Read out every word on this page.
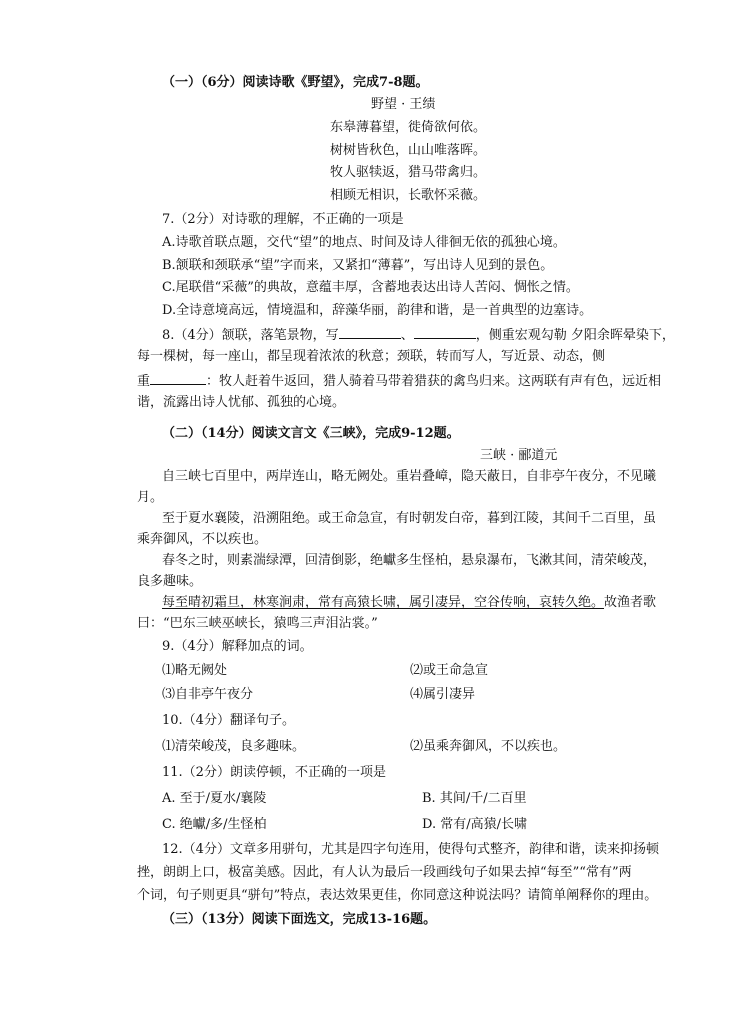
（一）（6分）阅读诗歌《野望》，完成7-8题。
野望 · 王绩
东皋薄暮望，徙倚欲何依。
树树皆秋色，山山唯落晖。
牧人驱犊返，猎马带禽归。
相顾无相识，长歌怀采薇。
7.（2分）对诗歌的理解，不正确的一项是
A.诗歌首联点题，交代“望”的地点、时间及诗人徘徊无依的孤独心境。
B.颔联和颈联承“望”字而来，又紧扣“薄暮”，写出诗人见到的景色。
C.尾联借“采薇”的典故，意蕴丰厚，含蓄地表达出诗人苦闷、惆怅之情。
D.全诗意境高远，情境温和，辞藻华丽，韵律和谐，是一首典型的边塞诗。
8.（4分）颔联，落笔景物，写	、	，侧重宏观勾勒 夕阳余晖晕染下，
每一棵树，每一座山，都呈现着浓浓的秋意；颈联，转而写人，写近景、动态，侧
重	：牧人赶着牛返回，猎人骑着马带着猎获的禽鸟归来。这两联有声有色，远近相
谐，流露出诗人忧郁、孤独的心境。
（二）（14分）阅读文言文《三峡》，完成9-12题。
三峡 · 郦道元
自三峡七百里中，两岸连山，略无阙处。重岩叠嶂，隐天蔽日，自非亭午夜分，不见曦
月。
至于夏水襄陵，沿溯阻绝。或王命急宣，有时朝发白帝，暮到江陵，其间千二百里，虽
乘奔御风，不以疾也。
春冬之时，则素湍绿潭，回清倒影，绝巘多生怪柏，悬泉瀑布，飞漱其间，清荣峻茂，
良多趣味。
每至晴初霜旦，林寒涧肃，常有高猿长啸，属引凄异，空谷传响，哀转久绝。故渔者歌
曰：“巴东三峡巫峡长，猿鸣三声泪沾裳。”
9.（4分）解释加点的词。
⑴略无阙处	⑵或王命急宣
⑶自非亭午夜分	⑷属引凄异
10.（4分）翻译句子。
⑴清荣峻茂，良多趣味。	⑵虽乘奔御风，不以疾也。
11.（2分）朗读停顿，不正确的一项是
A. 至于/夏水/襄陵	B. 其间/千/二百里
C. 绝巘/多/生怪柏	D. 常有/高猿/长啸
12.（4分）文章多用骈句，尤其是四字句连用，使得句式整齐，韵律和谐，读来抑扬顿
挫，朗朗上口，极富美感。因此，有人认为最后一段画线句子如果去掉“每至”“常有”两
个词，句子则更具“骈句”特点，表达效果更佳，你同意这种说法吗？请简单阐释你的理由。
（三）（13分）阅读下面选文，完成13-16题。
